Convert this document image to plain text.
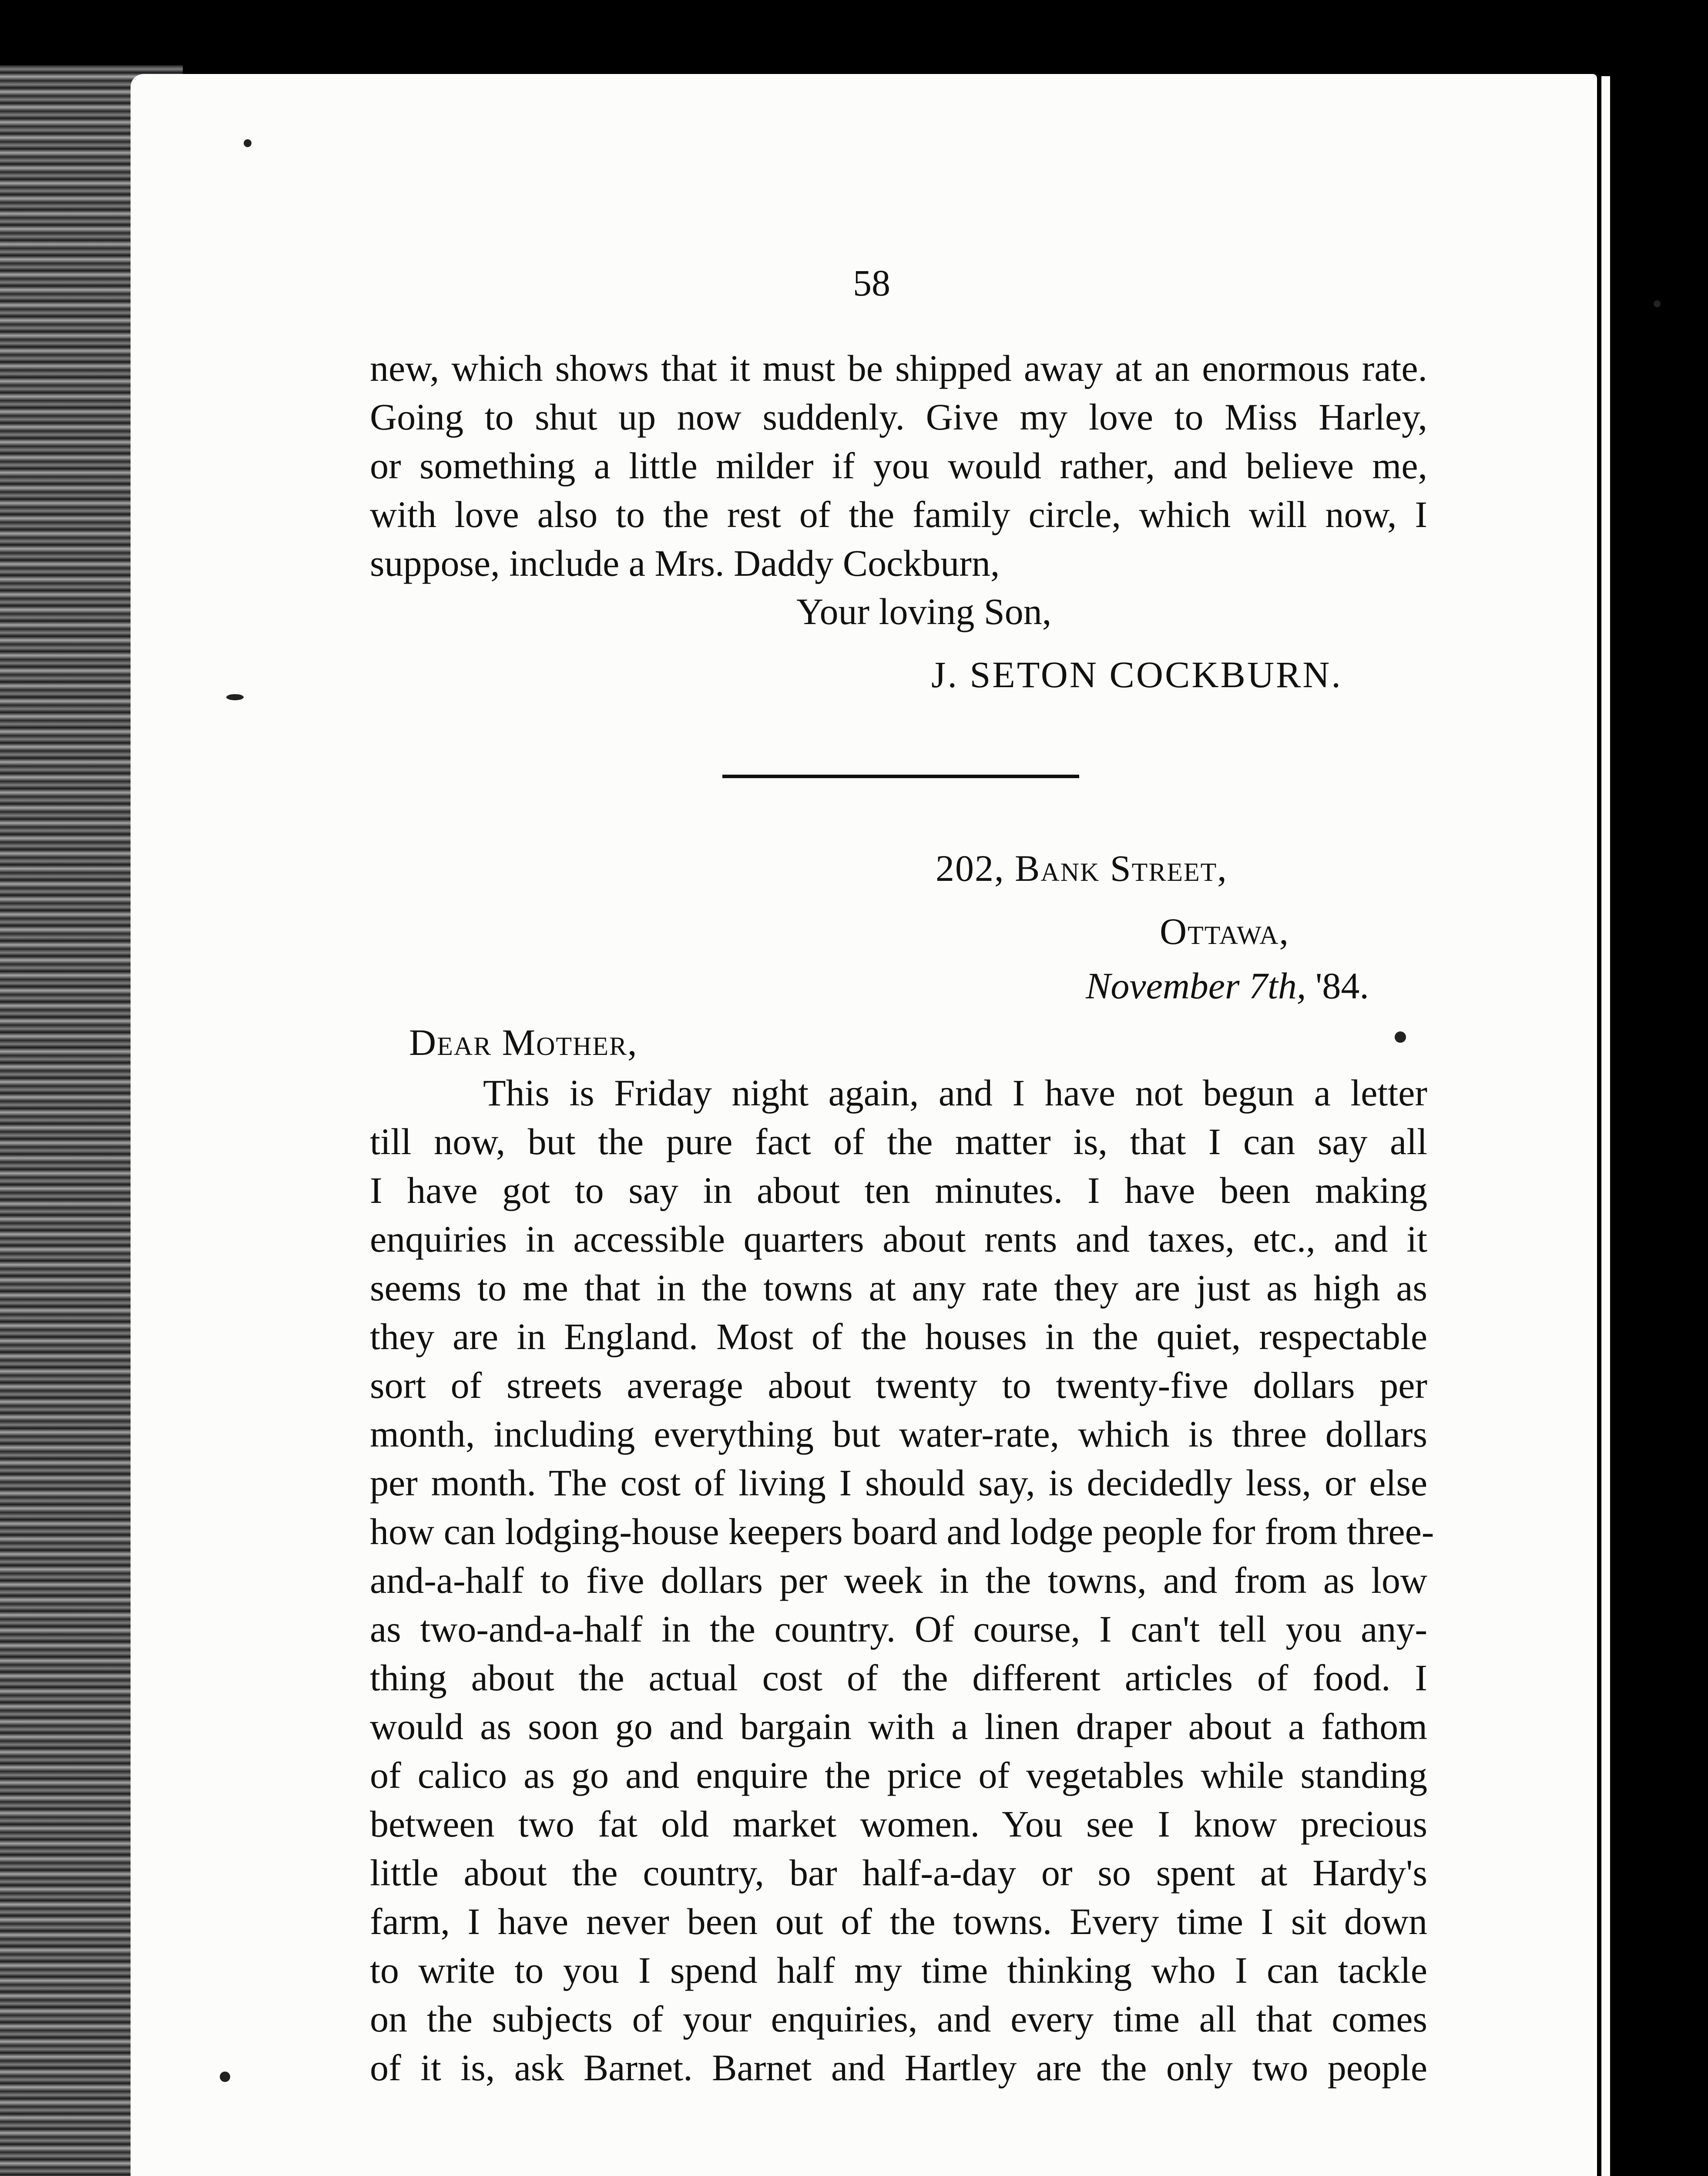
58
new, which shows that it must be shipped away at an enormous rate.
Going to shut up now suddenly. Give my love to Miss Harley,
or something a little milder if you would rather, and believe me,
with love also to the rest of the family circle, which will now, I
suppose, include a Mrs. Daddy Cockburn,
Your loving Son,
J. SETON COCKBURN.
202, Bank Street,
Ottawa,
November 7th, '84.
Dear Mother,
This is Friday night again, and I have not begun a letter
till now, but the pure fact of the matter is, that I can say all
I have got to say in about ten minutes. I have been making
enquiries in accessible quarters about rents and taxes, etc., and it
seems to me that in the towns at any rate they are just as high as
they are in England. Most of the houses in the quiet, respectable
sort of streets average about twenty to twenty-five dollars per
month, including everything but water-rate, which is three dollars
per month. The cost of living I should say, is decidedly less, or else
how can lodging-house keepers board and lodge people for from three-
and-a-half to five dollars per week in the towns, and from as low
as two-and-a-half in the country. Of course, I can't tell you any-
thing about the actual cost of the different articles of food. I
would as soon go and bargain with a linen draper about a fathom
of calico as go and enquire the price of vegetables while standing
between two fat old market women. You see I know precious
little about the country, bar half-a-day or so spent at Hardy's
farm, I have never been out of the towns. Every time I sit down
to write to you I spend half my time thinking who I can tackle
on the subjects of your enquiries, and every time all that comes
of it is, ask Barnet. Barnet and Hartley are the only two people
